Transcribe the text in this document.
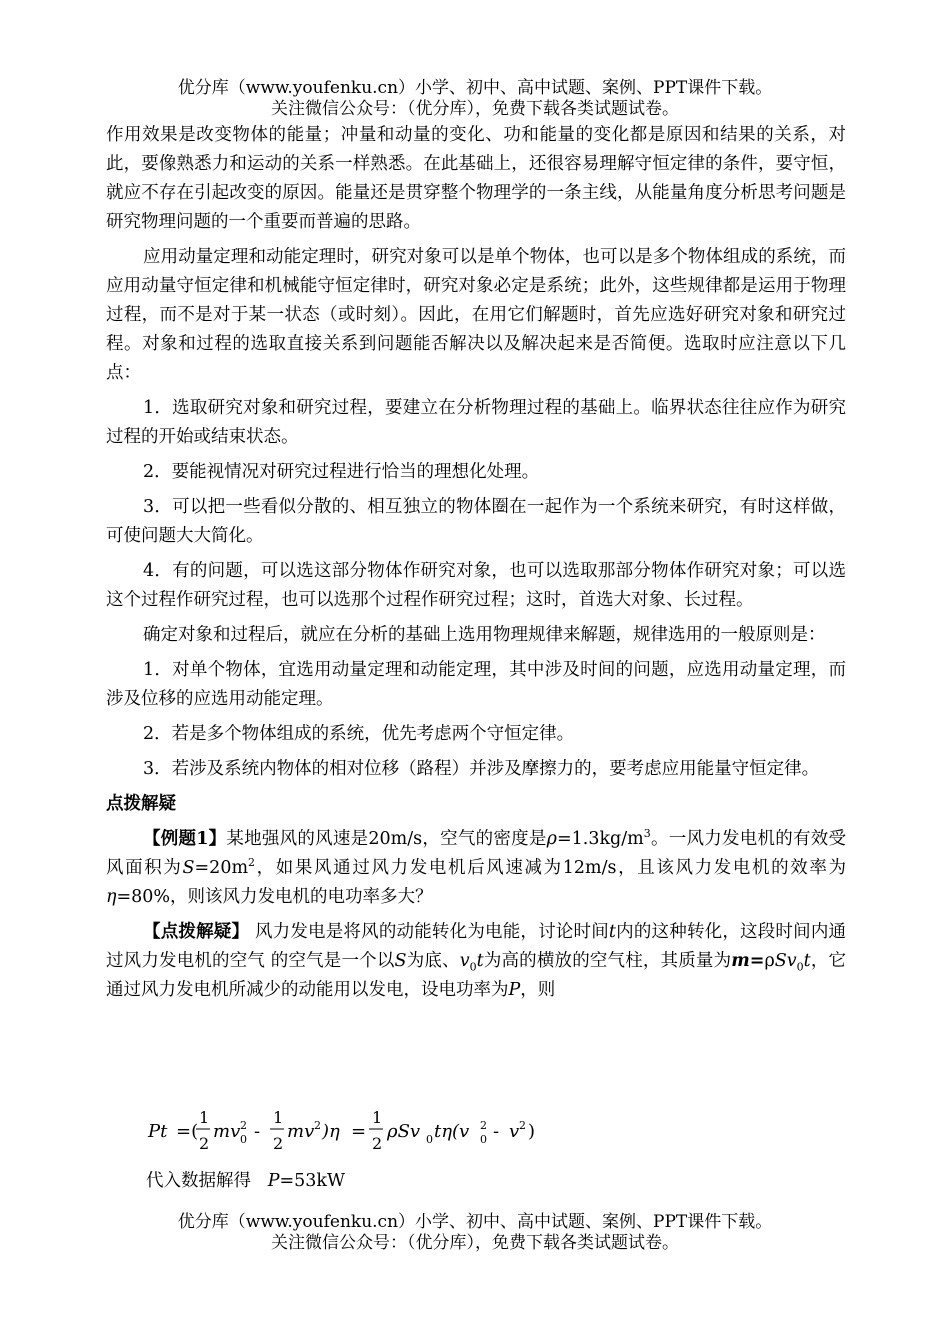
优分库（www.youfenku.cn）小学、初中、高中试题、案例、PPT课件下载。
关注微信公众号：（优分库），免费下载各类试题试卷。

作用效果是改变物体的能量；冲量和动量的变化、功和能量的变化都是原因和结果的关系，对此，要像熟悉力和运动的关系一样熟悉。在此基础上，还很容易理解守恒定律的条件，要守恒，就应不存在引起改变的原因。能量还是贯穿整个物理学的一条主线，从能量角度分析思考问题是研究物理问题的一个重要而普遍的思路。

应用动量定理和动能定理时，研究对象可以是单个物体，也可以是多个物体组成的系统，而应用动量守恒定律和机械能守恒定律时，研究对象必定是系统；此外，这些规律都是运用于物理过程，而不是对于某一状态（或时刻）。因此，在用它们解题时，首先应选好研究对象和研究过程。对象和过程的选取直接关系到问题能否解决以及解决起来是否简便。选取时应注意以下几点：

1．选取研究对象和研究过程，要建立在分析物理过程的基础上。临界状态往往应作为研究过程的开始或结束状态。

2．要能视情况对研究过程进行恰当的理想化处理。

3．可以把一些看似分散的、相互独立的物体圈在一起作为一个系统来研究，有时这样做，可使问题大大简化。

4．有的问题，可以选这部分物体作研究对象，也可以选取那部分物体作研究对象；可以选这个过程作研究过程，也可以选那个过程作研究过程；这时，首选大对象、长过程。

确定对象和过程后，就应在分析的基础上选用物理规律来解题，规律选用的一般原则是：

1．对单个物体，宜选用动量定理和动能定理，其中涉及时间的问题，应选用动量定理，而涉及位移的应选用动能定理。

2．若是多个物体组成的系统，优先考虑两个守恒定律。

3．若涉及系统内物体的相对位移（路程）并涉及摩擦力的，要考虑应用能量守恒定律。

点拨解疑

【例题1】某地强风的风速是20m/s，空气的密度是$\rho=1.3kg/m^3$。一风力发电机的有效受风面积为$S=20m^2$，如果风通过风力发电机后风速减为12m/s，且该风力发电机的效率为η=80%，则该风力发电机的电功率多大？

【点拨解疑】 风力发电是将风的动能转化为电能，讨论时间t内的这种转化，这段时间内通过风力发电机的空气 的空气是一个以S为底、$v_0t$为高的横放的空气柱，其质量为m=ρSv$_0$t，它通过风力发电机所减少的动能用以发电，设电功率为P，则

Pt =(
1
2
mv 2
0 -
1
2
mv 2 )η =
1
2
ρSv 0 tη(v 2
0 - v 2 )
代入数据解得 P=53kW
优分库（www.youfenku.cn）小学、初中、高中试题、案例、PPT课件下载。
关注微信公众号：（优分库），免费下载各类试题试卷。
